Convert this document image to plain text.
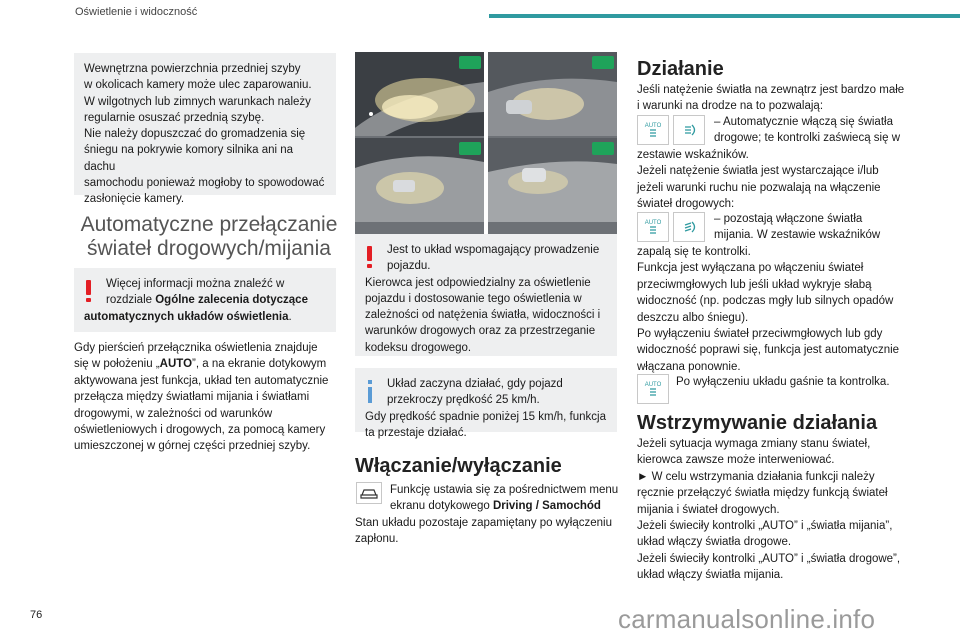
Oświetlenie i widoczność

Wewnętrzna powierzchnia przedniej szyby

w okolicach kamery może ulec zaparowaniu.

W wilgotnych lub zimnych warunkach należy

regularnie osuszać przednią szybę.

Nie należy dopuszczać do gromadzenia się

śniegu na pokrywie komory silnika ani na dachu

samochodu ponieważ mogłoby to spowodować

zasłonięcie kamery.

Automatyczne przełączanie
świateł drogowych/mijania

Więcej informacji można znaleźć w

rozdziale Ogólne zalecenia dotyczące

automatycznych układów oświetlenia.

Gdy pierścień przełącznika oświetlenia znajduje

się w położeniu „AUTO”, a na ekranie dotykowym

aktywowana jest funkcja, układ ten automatycznie

przełącza między światłami mijania i światłami

drogowymi, w zależności od warunków

oświetleniowych i drogowych, za pomocą kamery

umieszczonej w górnej części przedniej szyby.

76

Jest to układ wspomagający prowadzenie

pojazdu.

Kierowca jest odpowiedzialny za oświetlenie

pojazdu i dostosowanie tego oświetlenia w

zależności od natężenia światła, widoczności i

warunków drogowych oraz za przestrzeganie

kodeksu drogowego.

Układ zaczyna działać, gdy pojazd

przekroczy prędkość 25 km/h.

Gdy prędkość spadnie poniżej 15 km/h, funkcja

ta przestaje działać.

Włączanie/wyłączanie

Funkcję ustawia się za pośrednictwem menu

ekranu dotykowego Driving / Samochód

Stan układu pozostaje zapamiętany po wyłączeniu

zapłonu.

Działanie

Jeśli natężenie światła na zewnątrz jest bardzo małe

i warunki na drodze na to pozwalają:

AUTO	– Automatycznie włączą się światła

drogowe; te kontrolki zaświecą się w

zestawie wskaźników.

Jeżeli natężenie światła jest wystarczające i/lub

jeżeli warunki ruchu nie pozwalają na włączenie

świateł drogowych:

AUTO	– pozostają włączone światła

mijania. W zestawie wskaźników

zapalą się te kontrolki.

Funkcja jest wyłączana po włączeniu świateł

przeciwmgłowych lub jeśli układ wykryje słabą

widoczność (np. podczas mgły lub silnych opadów

deszczu albo śniegu).

Po wyłączeniu świateł przeciwmgłowych lub gdy

widoczność poprawi się, funkcja jest automatycznie

włączana ponownie.

AUTO Po wyłączeniu układu gaśnie ta kontrolka.

Wstrzymywanie działania

Jeżeli sytuacja wymaga zmiany stanu świateł,

kierowca zawsze może interweniować.

► W celu wstrzymania działania funkcji należy

ręcznie przełączyć światła między funkcją świateł

mijania i świateł drogowych.

Jeżeli świeciły kontrolki „AUTO” i „światła mijania”,

układ włączy światła drogowe.

Jeżeli świeciły kontrolki „AUTO” i „światła drogowe”,

układ włączy światła mijania.

carmanualsonline.info
